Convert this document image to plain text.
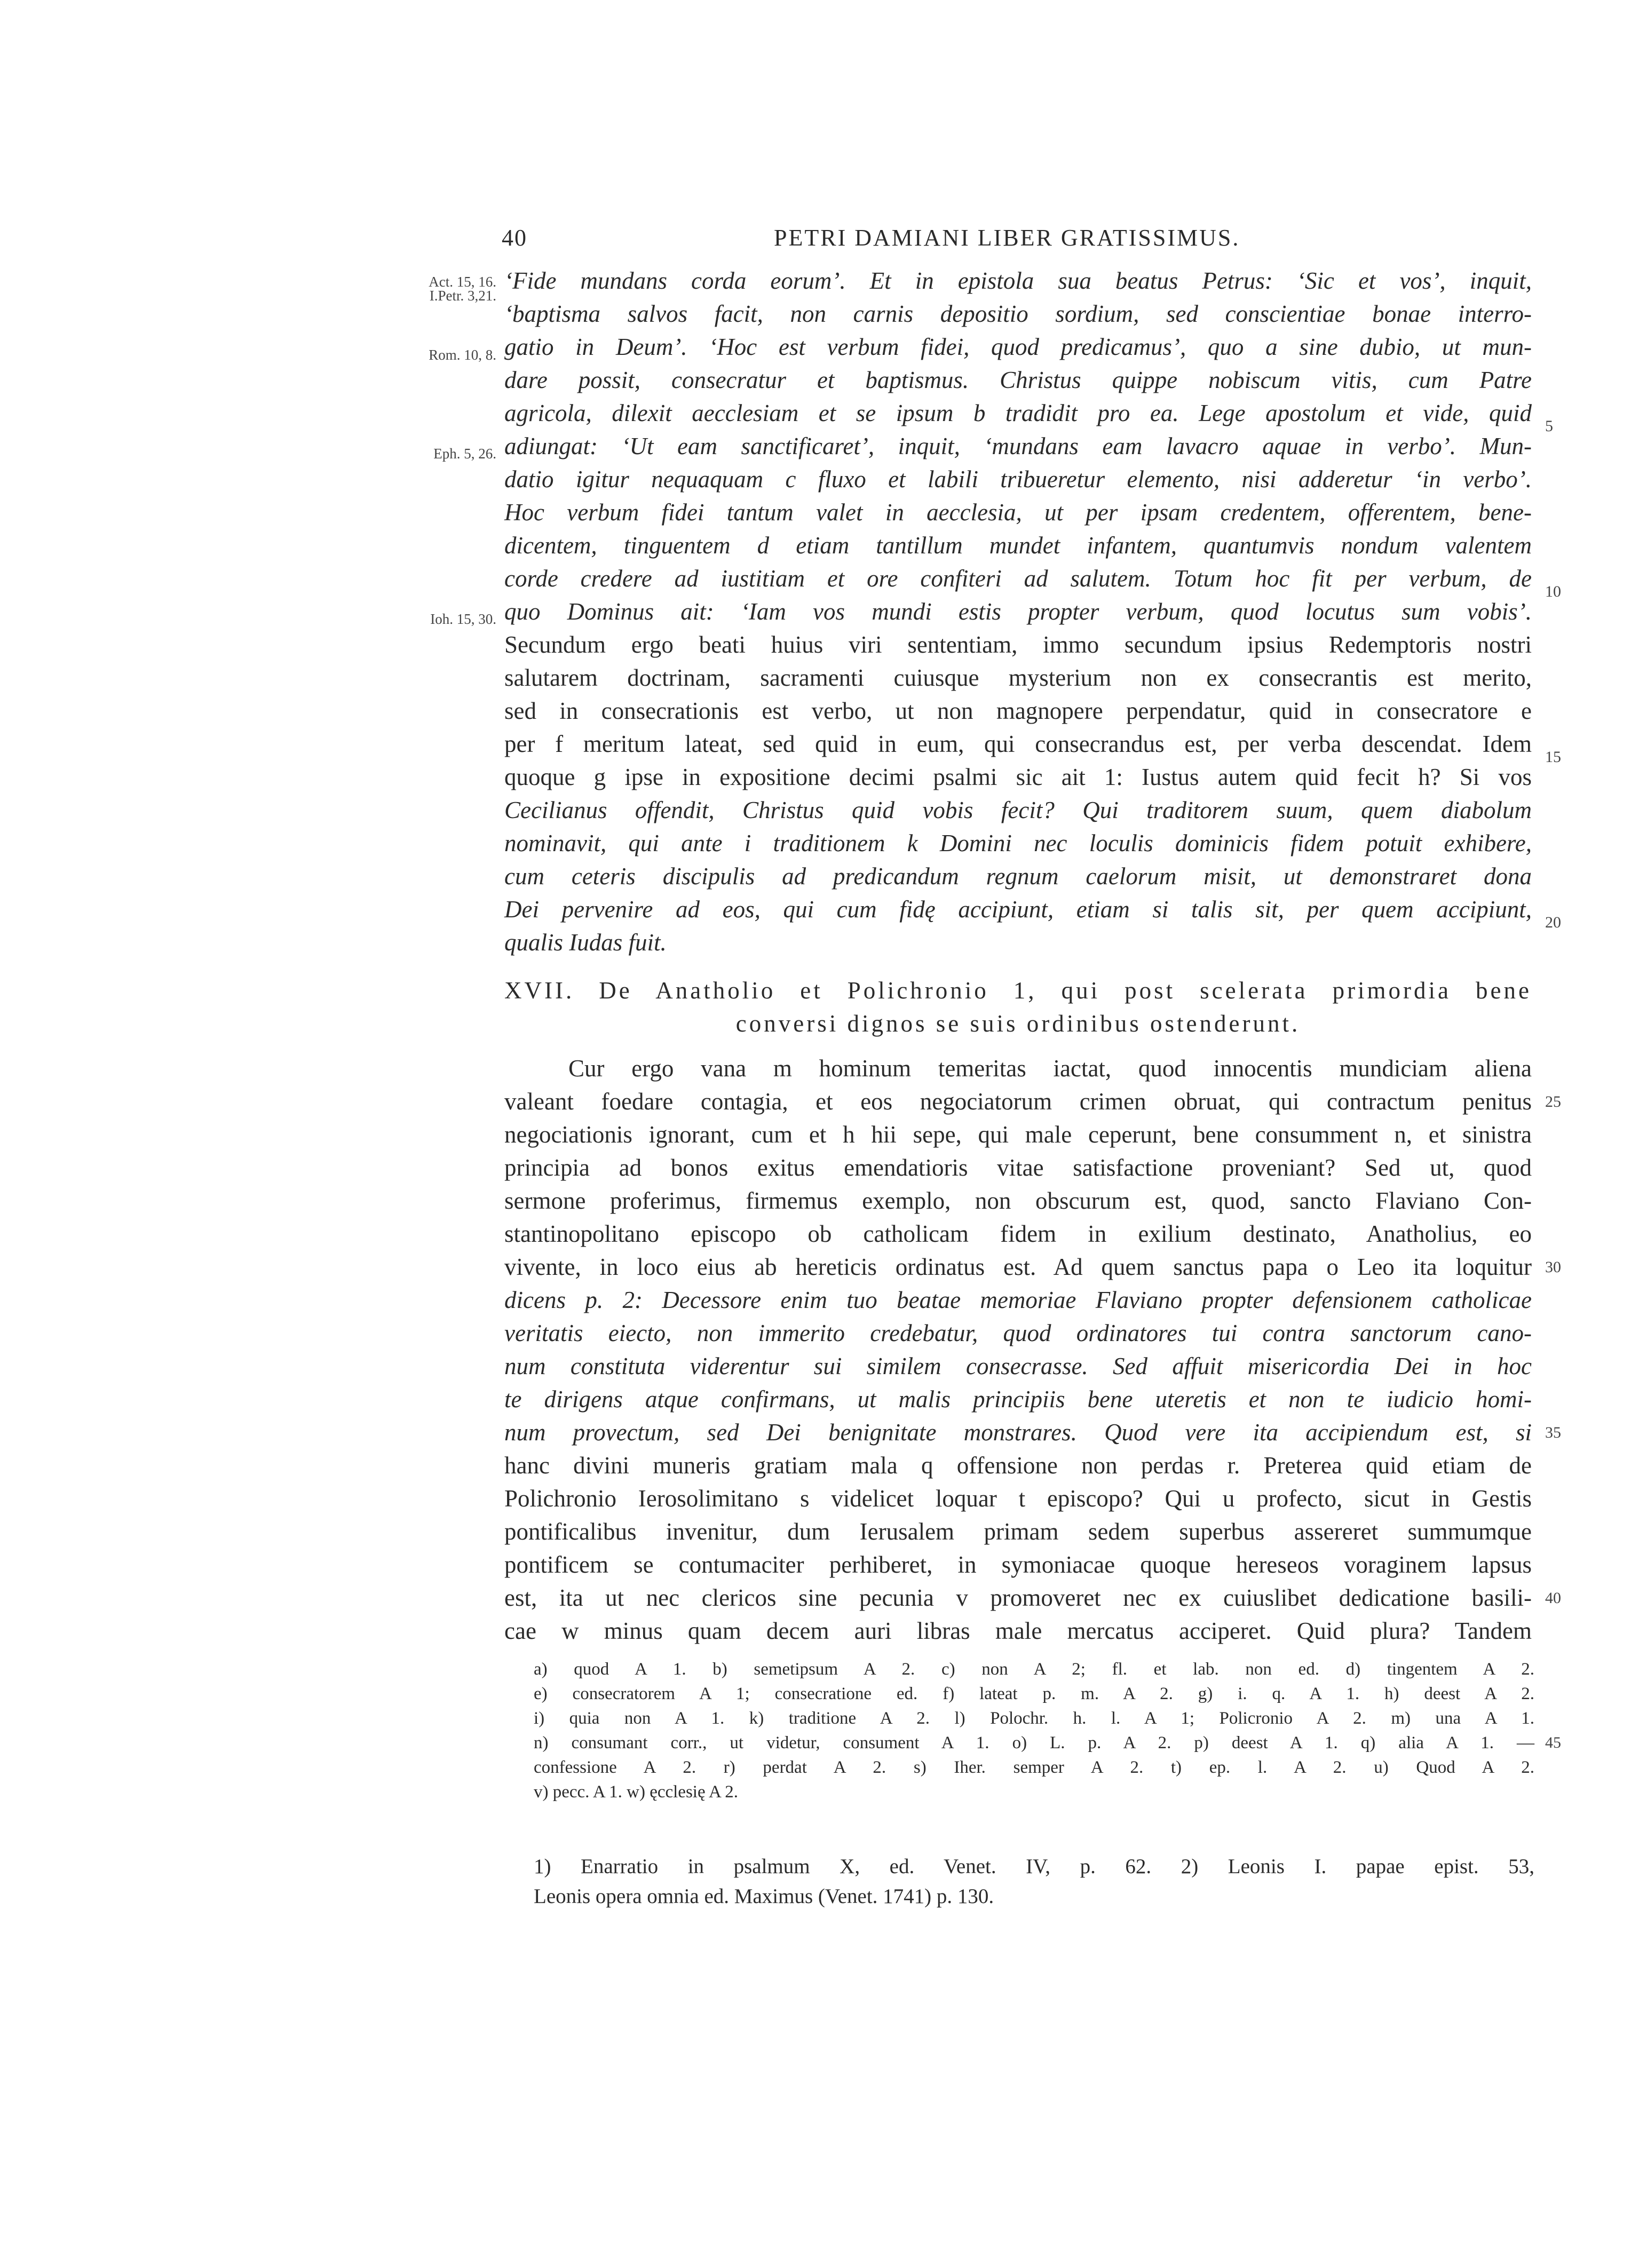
40	PETRI DAMIANI LIBER GRATISSIMUS.
Act. 15, 16.
I.Petr. 3,21.
Rom. 10, 8.
Eph. 5, 26.
Ioh. 15, 30.
5
10
15
20
25
30
35
40
‘Fide mundans corda eorum’. Et in epistola sua beatus Petrus: ‘Sic et vos’, inquit,
‘baptisma salvos facit, non carnis depositio sordium, sed conscientiae bonae interro-
gatio in Deum’. ‘Hoc est verbum fidei, quod predicamus’, quo a sine dubio, ut mun-
dare possit, consecratur et baptismus. Christus quippe nobiscum vitis, cum Patre
agricola, dilexit aecclesiam et se ipsum b tradidit pro ea. Lege apostolum et vide, quid
adiungat: ‘Ut eam sanctificaret’, inquit, ‘mundans eam lavacro aquae in verbo’. Mun-
datio igitur nequaquam c fluxo et labili tribueretur elemento, nisi adderetur ‘in verbo’.
Hoc verbum fidei tantum valet in aecclesia, ut per ipsam credentem, offerentem, bene-
dicentem, tinguentem d etiam tantillum mundet infantem, quantumvis nondum valentem
corde credere ad iustitiam et ore confiteri ad salutem. Totum hoc fit per verbum, de
quo Dominus ait: ‘Iam vos mundi estis propter verbum, quod locutus sum vobis’.
Secundum ergo beati huius viri sententiam, immo secundum ipsius Redemptoris nostri
salutarem doctrinam, sacramenti cuiusque mysterium non ex consecrantis est merito,
sed in consecrationis est verbo, ut non magnopere perpendatur, quid in consecratore e
per f meritum lateat, sed quid in eum, qui consecrandus est, per verba descendat. Idem
quoque g ipse in expositione decimi psalmi sic ait 1: Iustus autem quid fecit h? Si vos
Cecilianus offendit, Christus quid vobis fecit? Qui traditorem suum, quem diabolum
nominavit, qui ante i traditionem k Domini nec loculis dominicis fidem potuit exhibere,
cum ceteris discipulis ad predicandum regnum caelorum misit, ut demonstraret dona
Dei pervenire ad eos, qui cum fidę accipiunt, etiam si talis sit, per quem accipiunt,
qualis Iudas fuit.
XVII. De Anatholio et Polichronio 1, qui post scelerata primordia bene
conversi dignos se suis ordinibus ostenderunt.
Cur ergo vana m hominum temeritas iactat, quod innocentis mundiciam aliena
valeant foedare contagia, et eos negociatorum crimen obruat, qui contractum penitus
negociationis ignorant, cum et h hii sepe, qui male ceperunt, bene consumment n, et sinistra
principia ad bonos exitus emendatioris vitae satisfactione proveniant? Sed ut, quod
sermone proferimus, firmemus exemplo, non obscurum est, quod, sancto Flaviano Con-
stantinopolitano episcopo ob catholicam fidem in exilium destinato, Anatholius, eo
vivente, in loco eius ab hereticis ordinatus est. Ad quem sanctus papa o Leo ita loquitur
dicens p. 2: Decessore enim tuo beatae memoriae Flaviano propter defensionem catholicae
veritatis eiecto, non immerito credebatur, quod ordinatores tui contra sanctorum cano-
num constituta viderentur sui similem consecrasse. Sed affuit misericordia Dei in hoc
te dirigens atque confirmans, ut malis principiis bene uteretis et non te iudicio homi-
num provectum, sed Dei benignitate monstrares. Quod vere ita accipiendum est, si
hanc divini muneris gratiam mala q offensione non perdas r. Preterea quid etiam de
Polichronio Ierosolimitano s videlicet loquar t episcopo? Qui u profecto, sicut in Gestis
pontificalibus invenitur, dum Ierusalem primam sedem superbus assereret summumque
pontificem se contumaciter perhiberet, in symoniacae quoque hereseos voraginem lapsus
est, ita ut nec clericos sine pecunia v promoveret nec ex cuiuslibet dedicatione basili-
cae w minus quam decem auri libras male mercatus acciperet. Quid plura? Tandem
a) quod A 1. b) semetipsum A 2. c) non A 2; fl. et lab. non ed. d) tingentem A 2.
e) consecratorem A 1; consecratione ed. f) lateat p. m. A 2. g) i. q. A 1. h) deest A 2.
i) quia non A 1. k) traditione A 2. l) Polochr. h. l. A 1; Policronio A 2. m) una A 1.
n) consumant corr., ut videtur, consument A 1. o) L. p. A 2. p) deest A 1. q) alia A 1. — 45
confessione A 2. r) perdat A 2. s) Iher. semper A 2. t) ep. l. A 2. u) Quod A 2.
v) pecc. A 1. w) ęcclesię A 2.
1) Enarratio in psalmum X, ed. Venet. IV, p. 62. 2) Leonis I. papae epist. 53,
Leonis opera omnia ed. Maximus (Venet. 1741) p. 130.
